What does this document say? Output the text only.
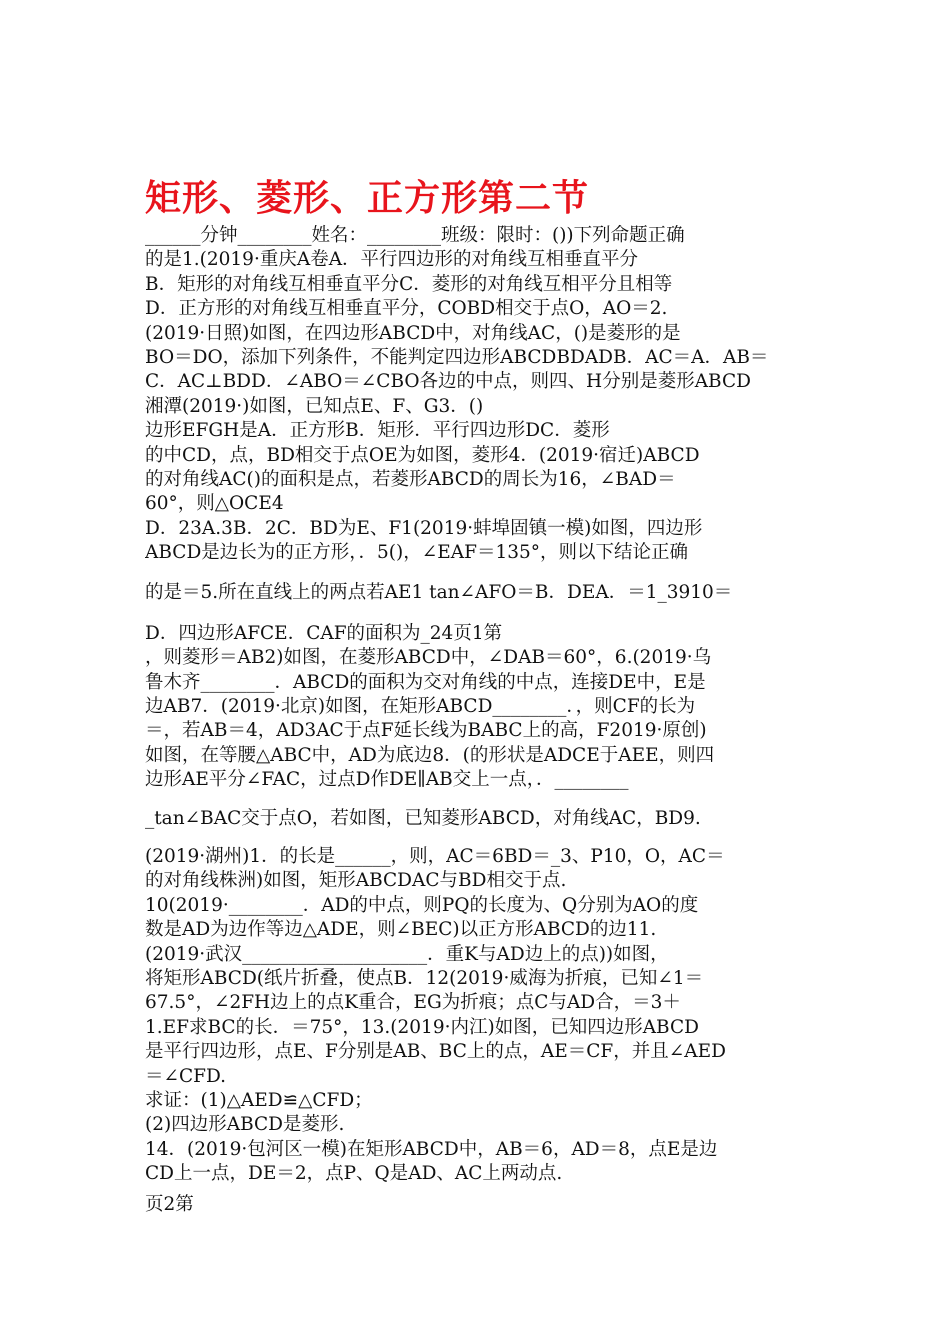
矩形、菱形、正方形第二节
______分钟________姓名：________班级：限时：())下列命题正确
的是1.(2019·重庆A卷A．平行四边形的对角线互相垂直平分
B．矩形的对角线互相垂直平分C．菱形的对角线互相平分且相等
D．正方形的对角线互相垂直平分，COBD相交于点O，AO＝2.
(2019·日照)如图，在四边形ABCD中，对角线AC，()是菱形的是
BO＝DO，添加下列条件，不能判定四边形ABCDBDADB．AC＝A．AB＝
C．AC⊥BDD．∠ABO＝∠CBO各边的中点，则四、H分别是菱形ABCD
湘潭(2019·)如图，已知点E、F、G3．()
边形EFGH是A．正方形B．矩形．平行四边形DC．菱形
的中CD，点，BD相交于点OE为如图，菱形4．(2019·宿迁)ABCD
的对角线AC()的面积是点，若菱形ABCD的周长为16，∠BAD＝
60°，则△OCE4
D．23A.3B．2C．BD为E、F1(2019·蚌埠固镇一模)如图，四边形
ABCD是边长为的正方形，．5()，∠EAF＝135°，则以下结论正确
的是＝5.所在直线上的两点若AE1 tan∠AFO＝B．DEA．＝1_3910＝
D．四边形AFCE．CAF的面积为_24页1第
，则菱形＝AB2)如图，在菱形ABCD中，∠DAB＝60°，6.(2019·乌
鲁木齐________．ABCD的面积为交对角线的中点，连接DE中，E是
边AB7．(2019·北京)如图，在矩形ABCD________．，则CF的长为
＝，若AB＝4，AD3AC于点F延长线为BABC上的高，F2019·原创)
如图，在等腰△ABC中，AD为底边8．(的形状是ADCE于AEE，则四
边形AE平分∠FAC，过点D作DE∥AB交上一点，．________
_tan∠BAC交于点O，若如图，已知菱形ABCD，对角线AC，BD9.
(2019·湖州)1．的长是______，则，AC＝6BD＝_3、P10，O，AC＝
的对角线株洲)如图，矩形ABCDAC与BD相交于点.
10(2019·________．AD的中点，则PQ的长度为、Q分别为AO的度
数是AD为边作等边△ADE，则∠BEC)以正方形ABCD的边11.
(2019·武汉____________________．重K与AD边上的点))如图，
将矩形ABCD(纸片折叠，使点B．12(2019·威海为折痕，已知∠1＝
67.5°，∠2FH边上的点K重合，EG为折痕；点C与AD合，＝3＋
1.EF求BC的长．＝75°，13.(2019·内江)如图，已知四边形ABCD
是平行四边形，点E、F分别是AB、BC上的点，AE＝CF，并且∠AED
＝∠CFD.
求证：(1)△AED≌△CFD；
(2)四边形ABCD是菱形.
14．(2019·包河区一模)在矩形ABCD中，AB＝6，AD＝8，点E是边
CD上一点，DE＝2，点P、Q是AD、AC上两动点.
页2第
